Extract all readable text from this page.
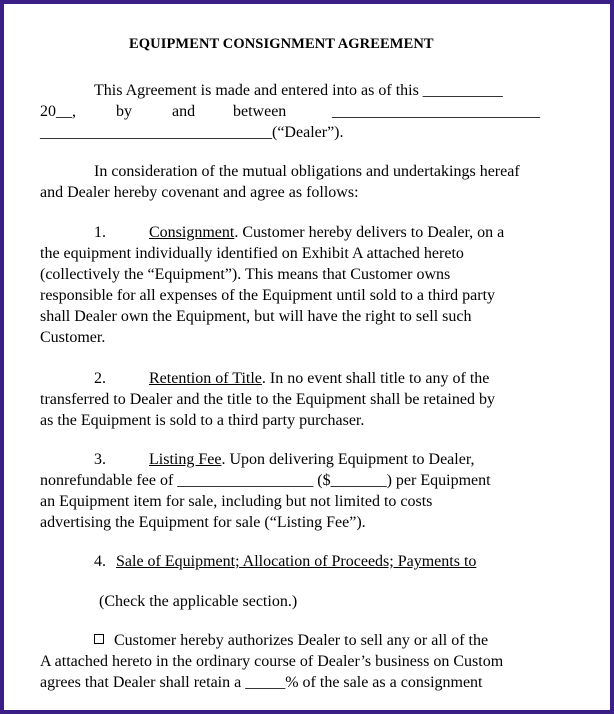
EQUIPMENT CONSIGNMENT AGREEMENT
This Agreement is made and entered into as of this __________
20__,	by	and between	__________________________
_____________________________(“Dealer”).
In consideration of the mutual obligations and undertakings hereaf
and Dealer hereby covenant and agree as follows:
1.	Consignment. Customer hereby delivers to Dealer, on a
the equipment individually identified on Exhibit A attached hereto
(collectively the “Equipment”). This means that Customer owns
responsible for all expenses of the Equipment until sold to a third party
shall Dealer own the Equipment, but will have the right to sell such
Customer.
2.	Retention of Title. In no event shall title to any of the
transferred to Dealer and the title to the Equipment shall be retained by
as the Equipment is sold to a third party purchaser.
3.	Listing Fee. Upon delivering Equipment to Dealer,
nonrefundable fee of _________________ ($_______) per Equipment
an Equipment item for sale, including but not limited to costs
advertising the Equipment for sale (“Listing Fee”).
4. Sale of Equipment; Allocation of Proceeds; Payments to
(Check the applicable section.)
Customer hereby authorizes Dealer to sell any or all of the
A attached hereto in the ordinary course of Dealer’s business on Custom
agrees that Dealer shall retain a _____% of the sale as a consignment
